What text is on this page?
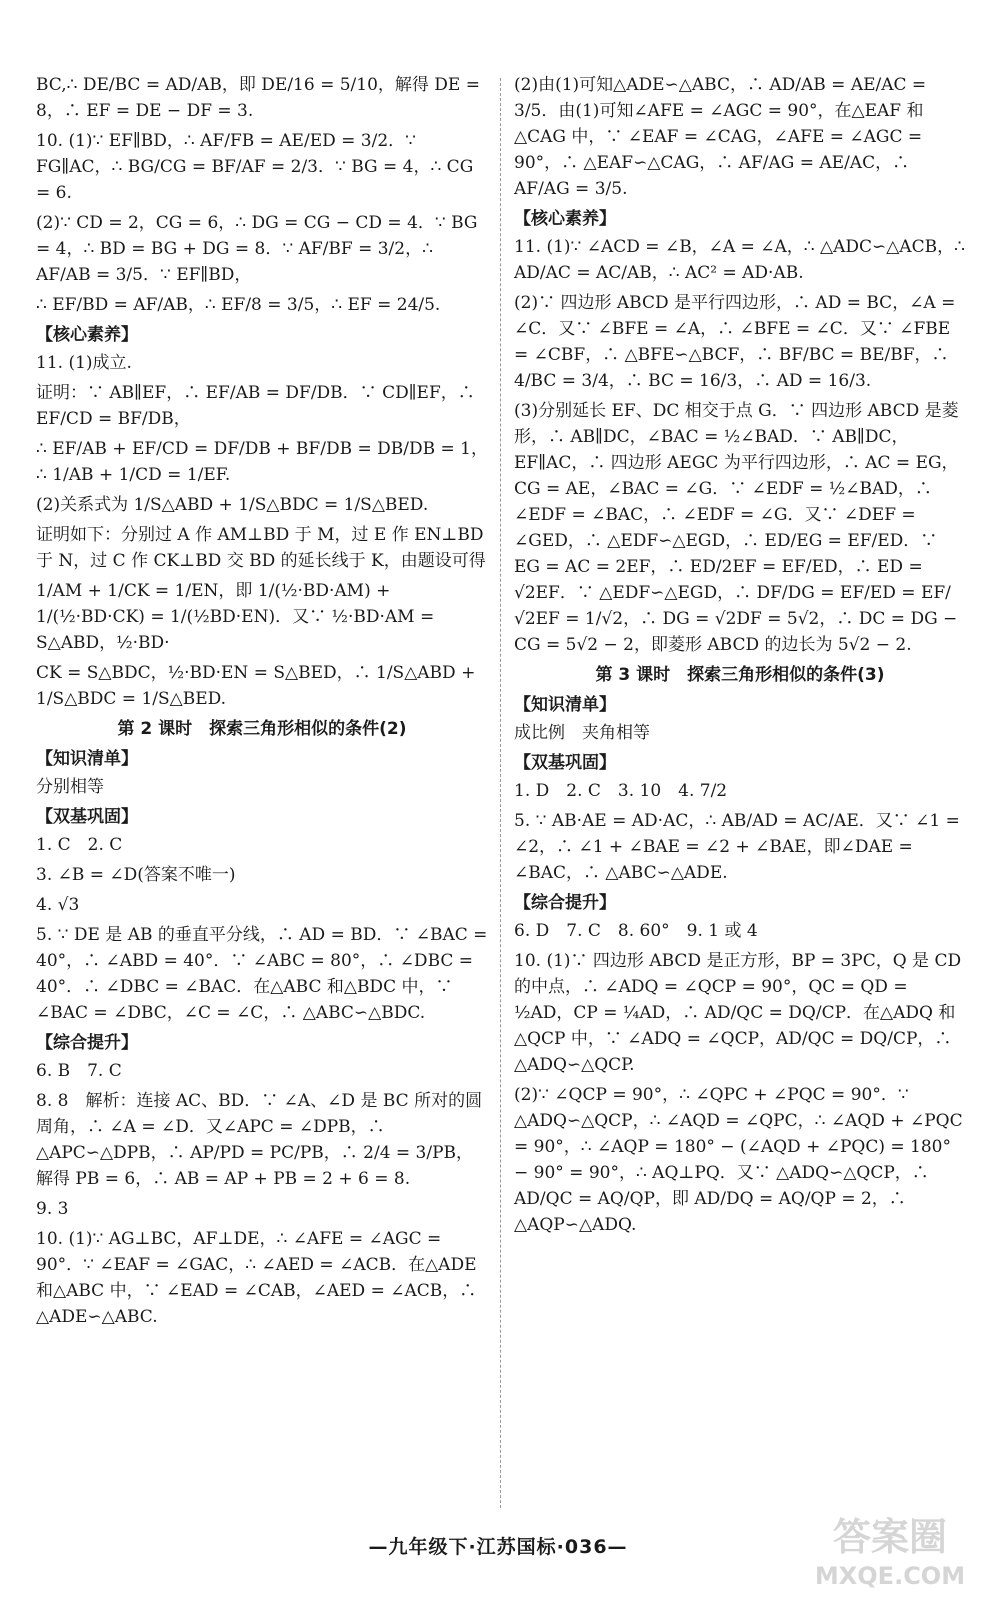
BC,∴ DE/BC = AD/AB，即 DE/16 = 5/10，解得 DE = 8，∴ EF = DE − DF = 3.
10. (1)∵ EF∥BD，∴ AF/FB = AE/ED = 3/2．∵ FG∥AC，∴ BG/CG = BF/AF = 2/3．∵ BG = 4，∴ CG = 6.
(2)∵ CD = 2，CG = 6，∴ DG = CG − CD = 4．∵ BG = 4，∴ BD = BG + DG = 8．∵ AF/BF = 3/2，∴ AF/AB = 3/5．∵ EF∥BD，
∴ EF/BD = AF/AB，∴ EF/8 = 3/5，∴ EF = 24/5.
【核心素养】
11. (1)成立.
证明：∵ AB∥EF，∴ EF/AB = DF/DB．∵ CD∥EF，∴ EF/CD = BF/DB，
∴ EF/AB + EF/CD = DF/DB + BF/DB = DB/DB = 1，∴ 1/AB + 1/CD = 1/EF.
(2)关系式为 1/S△ABD + 1/S△BDC = 1/S△BED.
证明如下：分别过 A 作 AM⊥BD 于 M，过 E 作 EN⊥BD 于 N，过 C 作 CK⊥BD 交 BD 的延长线于 K，由题设可得
1/AM + 1/CK = 1/EN，即 1/(½·BD·AM) + 1/(½·BD·CK) = 1/(½BD·EN)．又∵ ½·BD·AM = S△ABD，½·BD·
CK = S△BDC，½·BD·EN = S△BED，∴ 1/S△ABD + 1/S△BDC = 1/S△BED.
第 2 课时　探索三角形相似的条件(2)
【知识清单】
分别相等
【双基巩固】
1. C　2. C
3. ∠B = ∠D(答案不唯一)
4. √3
5. ∵ DE 是 AB 的垂直平分线，∴ AD = BD．∵ ∠BAC = 40°，∴ ∠ABD = 40°．∵ ∠ABC = 80°，∴ ∠DBC = 40°．∴ ∠DBC = ∠BAC．在△ABC 和△BDC 中，∵ ∠BAC = ∠DBC，∠C = ∠C，∴ △ABC∽△BDC.
【综合提升】
6. B　7. C
8. 8　解析：连接 AC、BD．∵ ∠A、∠D 是 BC 所对的圆周角，∴ ∠A = ∠D．又∠APC = ∠DPB，∴ △APC∽△DPB，∴ AP/PD = PC/PB，∴ 2/4 = 3/PB，解得 PB = 6，∴ AB = AP + PB = 2 + 6 = 8.
9. 3
10. (1)∵ AG⊥BC，AF⊥DE，∴ ∠AFE = ∠AGC = 90°．∵ ∠EAF = ∠GAC，∴ ∠AED = ∠ACB．在△ADE 和△ABC 中，∵ ∠EAD = ∠CAB，∠AED = ∠ACB，∴ △ADE∽△ABC.
(2)由(1)可知△ADE∽△ABC，∴ AD/AB = AE/AC = 3/5．由(1)可知∠AFE = ∠AGC = 90°，在△EAF 和△CAG 中，∵ ∠EAF = ∠CAG，∠AFE = ∠AGC = 90°，∴ △EAF∽△CAG，∴ AF/AG = AE/AC，∴ AF/AG = 3/5.
【核心素养】
11. (1)∵ ∠ACD = ∠B，∠A = ∠A，∴ △ADC∽△ACB，∴ AD/AC = AC/AB，∴ AC² = AD·AB.
(2)∵ 四边形 ABCD 是平行四边形，∴ AD = BC，∠A = ∠C．又∵ ∠BFE = ∠A，∴ ∠BFE = ∠C．又∵ ∠FBE = ∠CBF，∴ △BFE∽△BCF，∴ BF/BC = BE/BF，∴ 4/BC = 3/4，∴ BC = 16/3，∴ AD = 16/3.
(3)分别延长 EF、DC 相交于点 G．∵ 四边形 ABCD 是菱形，∴ AB∥DC，∠BAC = ½∠BAD．∵ AB∥DC，EF∥AC，∴ 四边形 AEGC 为平行四边形，∴ AC = EG，CG = AE，∠BAC = ∠G．∵ ∠EDF = ½∠BAD，∴ ∠EDF = ∠BAC，∴ ∠EDF = ∠G．又∵ ∠DEF = ∠GED，∴ △EDF∽△EGD，∴ ED/EG = EF/ED．∵ EG = AC = 2EF，∴ ED/2EF = EF/ED，∴ ED = √2EF．∵ △EDF∽△EGD，∴ DF/DG = EF/ED = EF/√2EF = 1/√2，∴ DG = √2DF = 5√2，∴ DC = DG − CG = 5√2 − 2，即菱形 ABCD 的边长为 5√2 − 2.
第 3 课时　探索三角形相似的条件(3)
【知识清单】
成比例　夹角相等
【双基巩固】
1. D　2. C　3. 10　4. 7/2
5. ∵ AB·AE = AD·AC，∴ AB/AD = AC/AE．又∵ ∠1 = ∠2，∴ ∠1 + ∠BAE = ∠2 + ∠BAE，即∠DAE = ∠BAC，∴ △ABC∽△ADE.
【综合提升】
6. D　7. C　8. 60°　9. 1 或 4
10. (1)∵ 四边形 ABCD 是正方形，BP = 3PC，Q 是 CD 的中点，∴ ∠ADQ = ∠QCP = 90°，QC = QD = ½AD，CP = ¼AD，∴ AD/QC = DQ/CP．在△ADQ 和△QCP 中，∵ ∠ADQ = ∠QCP，AD/QC = DQ/CP，∴ △ADQ∽△QCP.
(2)∵ ∠QCP = 90°，∴ ∠QPC + ∠PQC = 90°．∵ △ADQ∽△QCP，∴ ∠AQD = ∠QPC，∴ ∠AQD + ∠PQC = 90°，∴ ∠AQP = 180° − (∠AQD + ∠PQC) = 180° − 90° = 90°，∴ AQ⊥PQ．又∵ △ADQ∽△QCP，∴ AD/QC = AQ/QP，即 AD/DQ = AQ/QP = 2，∴ △AQP∽△ADQ.
—九年级下·江苏国标·036—	答案圈
MXQE.COM
